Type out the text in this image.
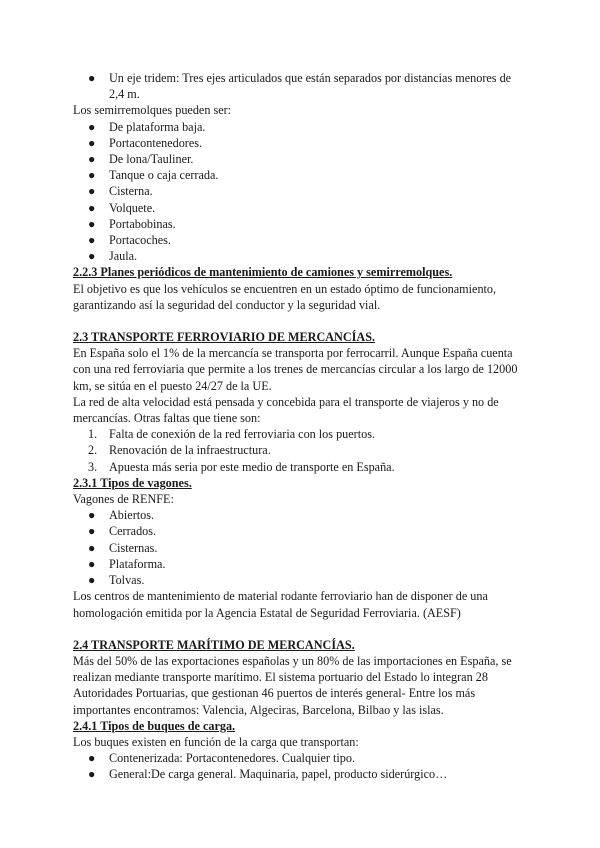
● Un eje tridem: Tres ejes articulados que están separados por distancias menores de 2,4 m.

Los semirremolques pueden ser:

● De plataforma baja.
● Portacontenedores.
● De lona/Tauliner.
● Tanque o caja cerrada.
● Cisterna.
● Volquete.
● Portabobinas.
● Portacoches.
● Jaula.

2.2.3 Planes periódicos de mantenimiento de camiones y semirremolques.

El objetivo es que los vehículos se encuentren en un estado óptimo de funcionamiento, garantizando así la seguridad del conductor y la seguridad vial.

2.3 TRANSPORTE FERROVIARIO DE MERCANCÍAS.

En España solo el 1% de la mercancía se transporta por ferrocarril. Aunque España cuenta con una red ferroviaria que permite a los trenes de mercancías circular a los largo de 12000 km, se sitúa en el puesto 24/27 de la UE.

La red de alta velocidad está pensada y concebida para el transporte de viajeros y no de mercancías. Otras faltas que tiene son:

1. Falta de conexión de la red ferroviaria con los puertos.
2. Renovación de la infraestructura.
3. Apuesta más seria por este medio de transporte en España.

2.3.1 Tipos de vagones.

Vagones de RENFE:

● Abiertos.
● Cerrados.
● Cisternas.
● Plataforma.
● Tolvas.

Los centros de mantenimiento de material rodante ferroviario han de disponer de una homologación emitida por la Agencia Estatal de Seguridad Ferroviaria. (AESF)

2.4 TRANSPORTE MARÍTIMO DE MERCANCÍAS.

Más del 50% de las exportaciones españolas y un 80% de las importaciones en España, se realizan mediante transporte marítimo. El sistema portuario del Estado lo integran 28 Autoridades Portuarias, que gestionan 46 puertos de interés general- Entre los más importantes encontramos: Valencia, Algeciras, Barcelona, Bilbao y las islas.

2.4.1 Tipos de buques de carga.

Los buques existen en función de la carga que transportan:

● Contenerizada: Portacontenedores. Cualquier tipo.
● General:De carga general. Maquinaria, papel, producto siderúrgico…
